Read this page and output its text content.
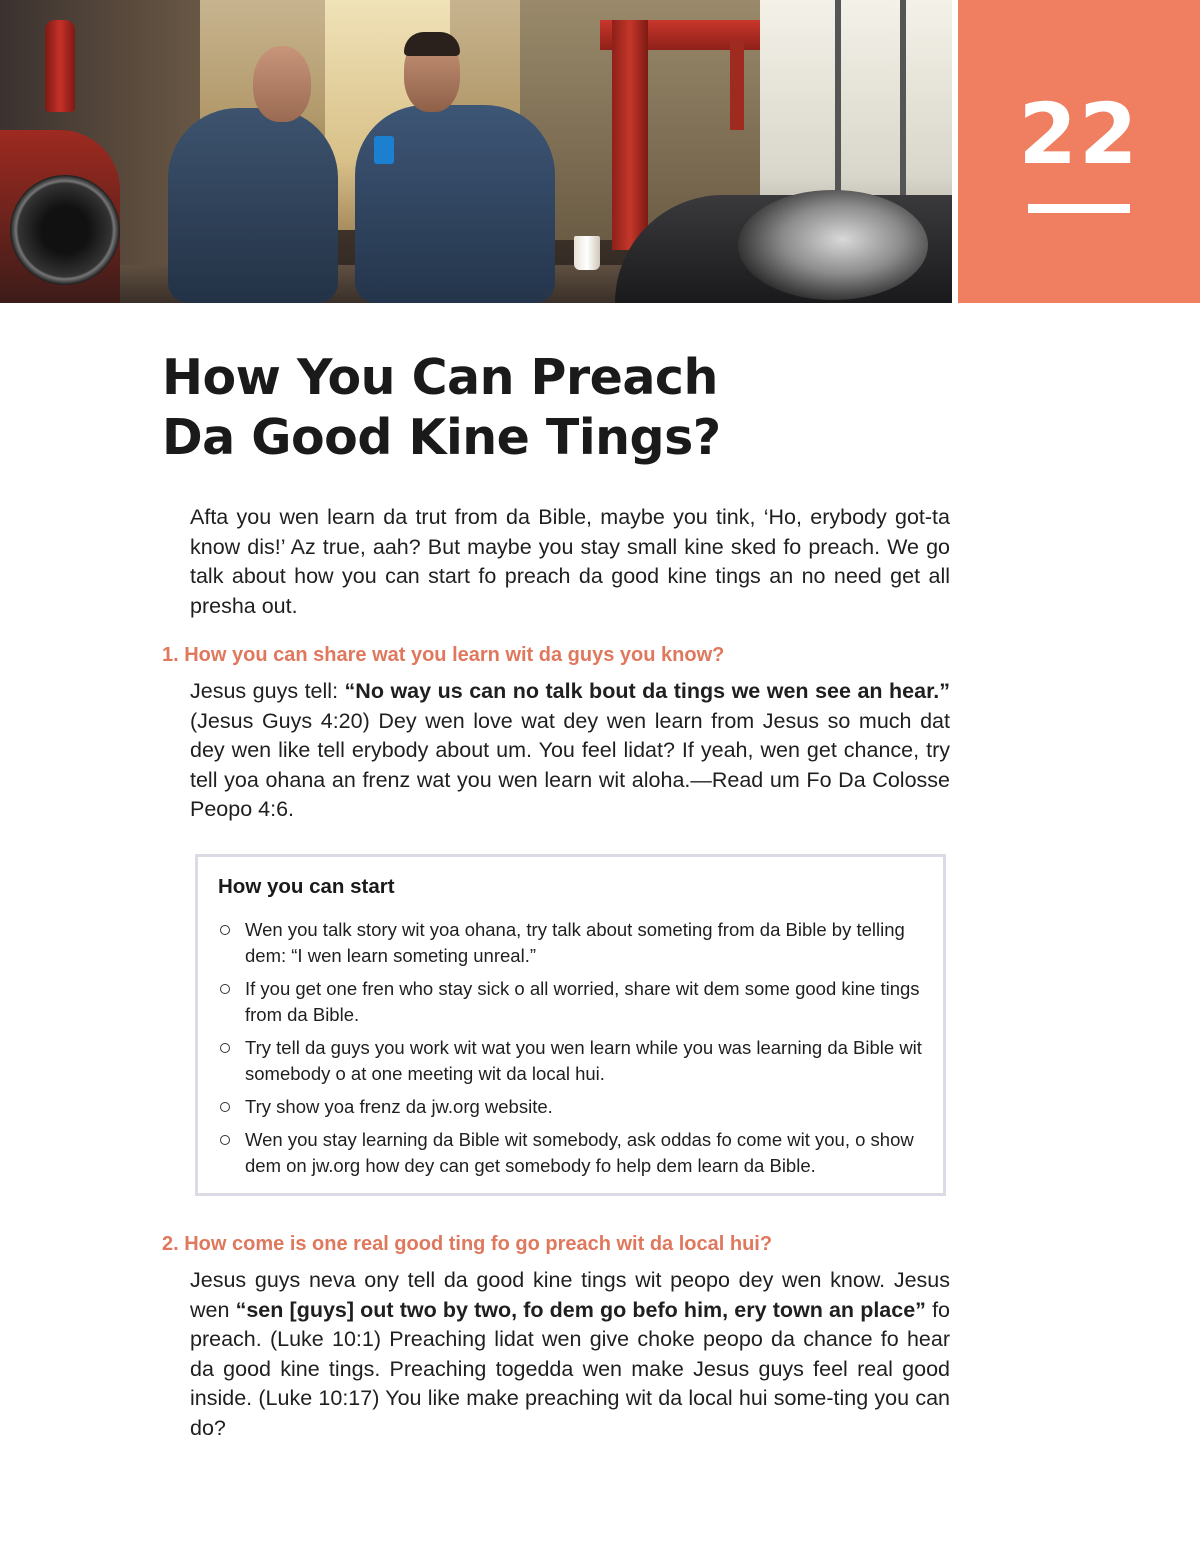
22
How You Can Preach
Da Good Kine Tings?

Afta you wen learn da trut from da Bible, maybe you tink, ‘Ho, erybody got-ta know dis!’ Az true, aah? But maybe you stay small kine sked fo preach. We go talk about how you can start fo preach da good kine tings an no need get all presha out.

1. How you can share wat you learn wit da guys you know?

Jesus guys tell: “No way us can no talk bout da tings we wen see an hear.” (Jesus Guys 4:20) Dey wen love wat dey wen learn from Jesus so much dat dey wen like tell erybody about um. You feel lidat? If yeah, wen get chance, try tell yoa ohana an frenz wat you wen learn wit aloha.—Read um Fo Da Colosse Peopo 4:6.

How you can start
Wen you talk story wit yoa ohana, try talk about someting from da Bible by telling dem: “I wen learn someting unreal.”
If you get one fren who stay sick o all worried, share wit dem some good kine tings from da Bible.
Try tell da guys you work wit wat you wen learn while you was learning da Bible wit somebody o at one meeting wit da local hui.
Try show yoa frenz da jw.org website.
Wen you stay learning da Bible wit somebody, ask oddas fo come wit you, o show dem on jw.org how dey can get somebody fo help dem learn da Bible.
2. How come is one real good ting fo go preach wit da local hui?

Jesus guys neva ony tell da good kine tings wit peopo dey wen know. Jesus wen “sen [guys] out two by two, fo dem go befo him, ery town an place” fo preach. (Luke 10:1) Preaching lidat wen give choke peopo da chance fo hear da good kine tings. Preaching togedda wen make Jesus guys feel real good inside. (Luke 10:17) You like make preaching wit da local hui some-ting you can do?
